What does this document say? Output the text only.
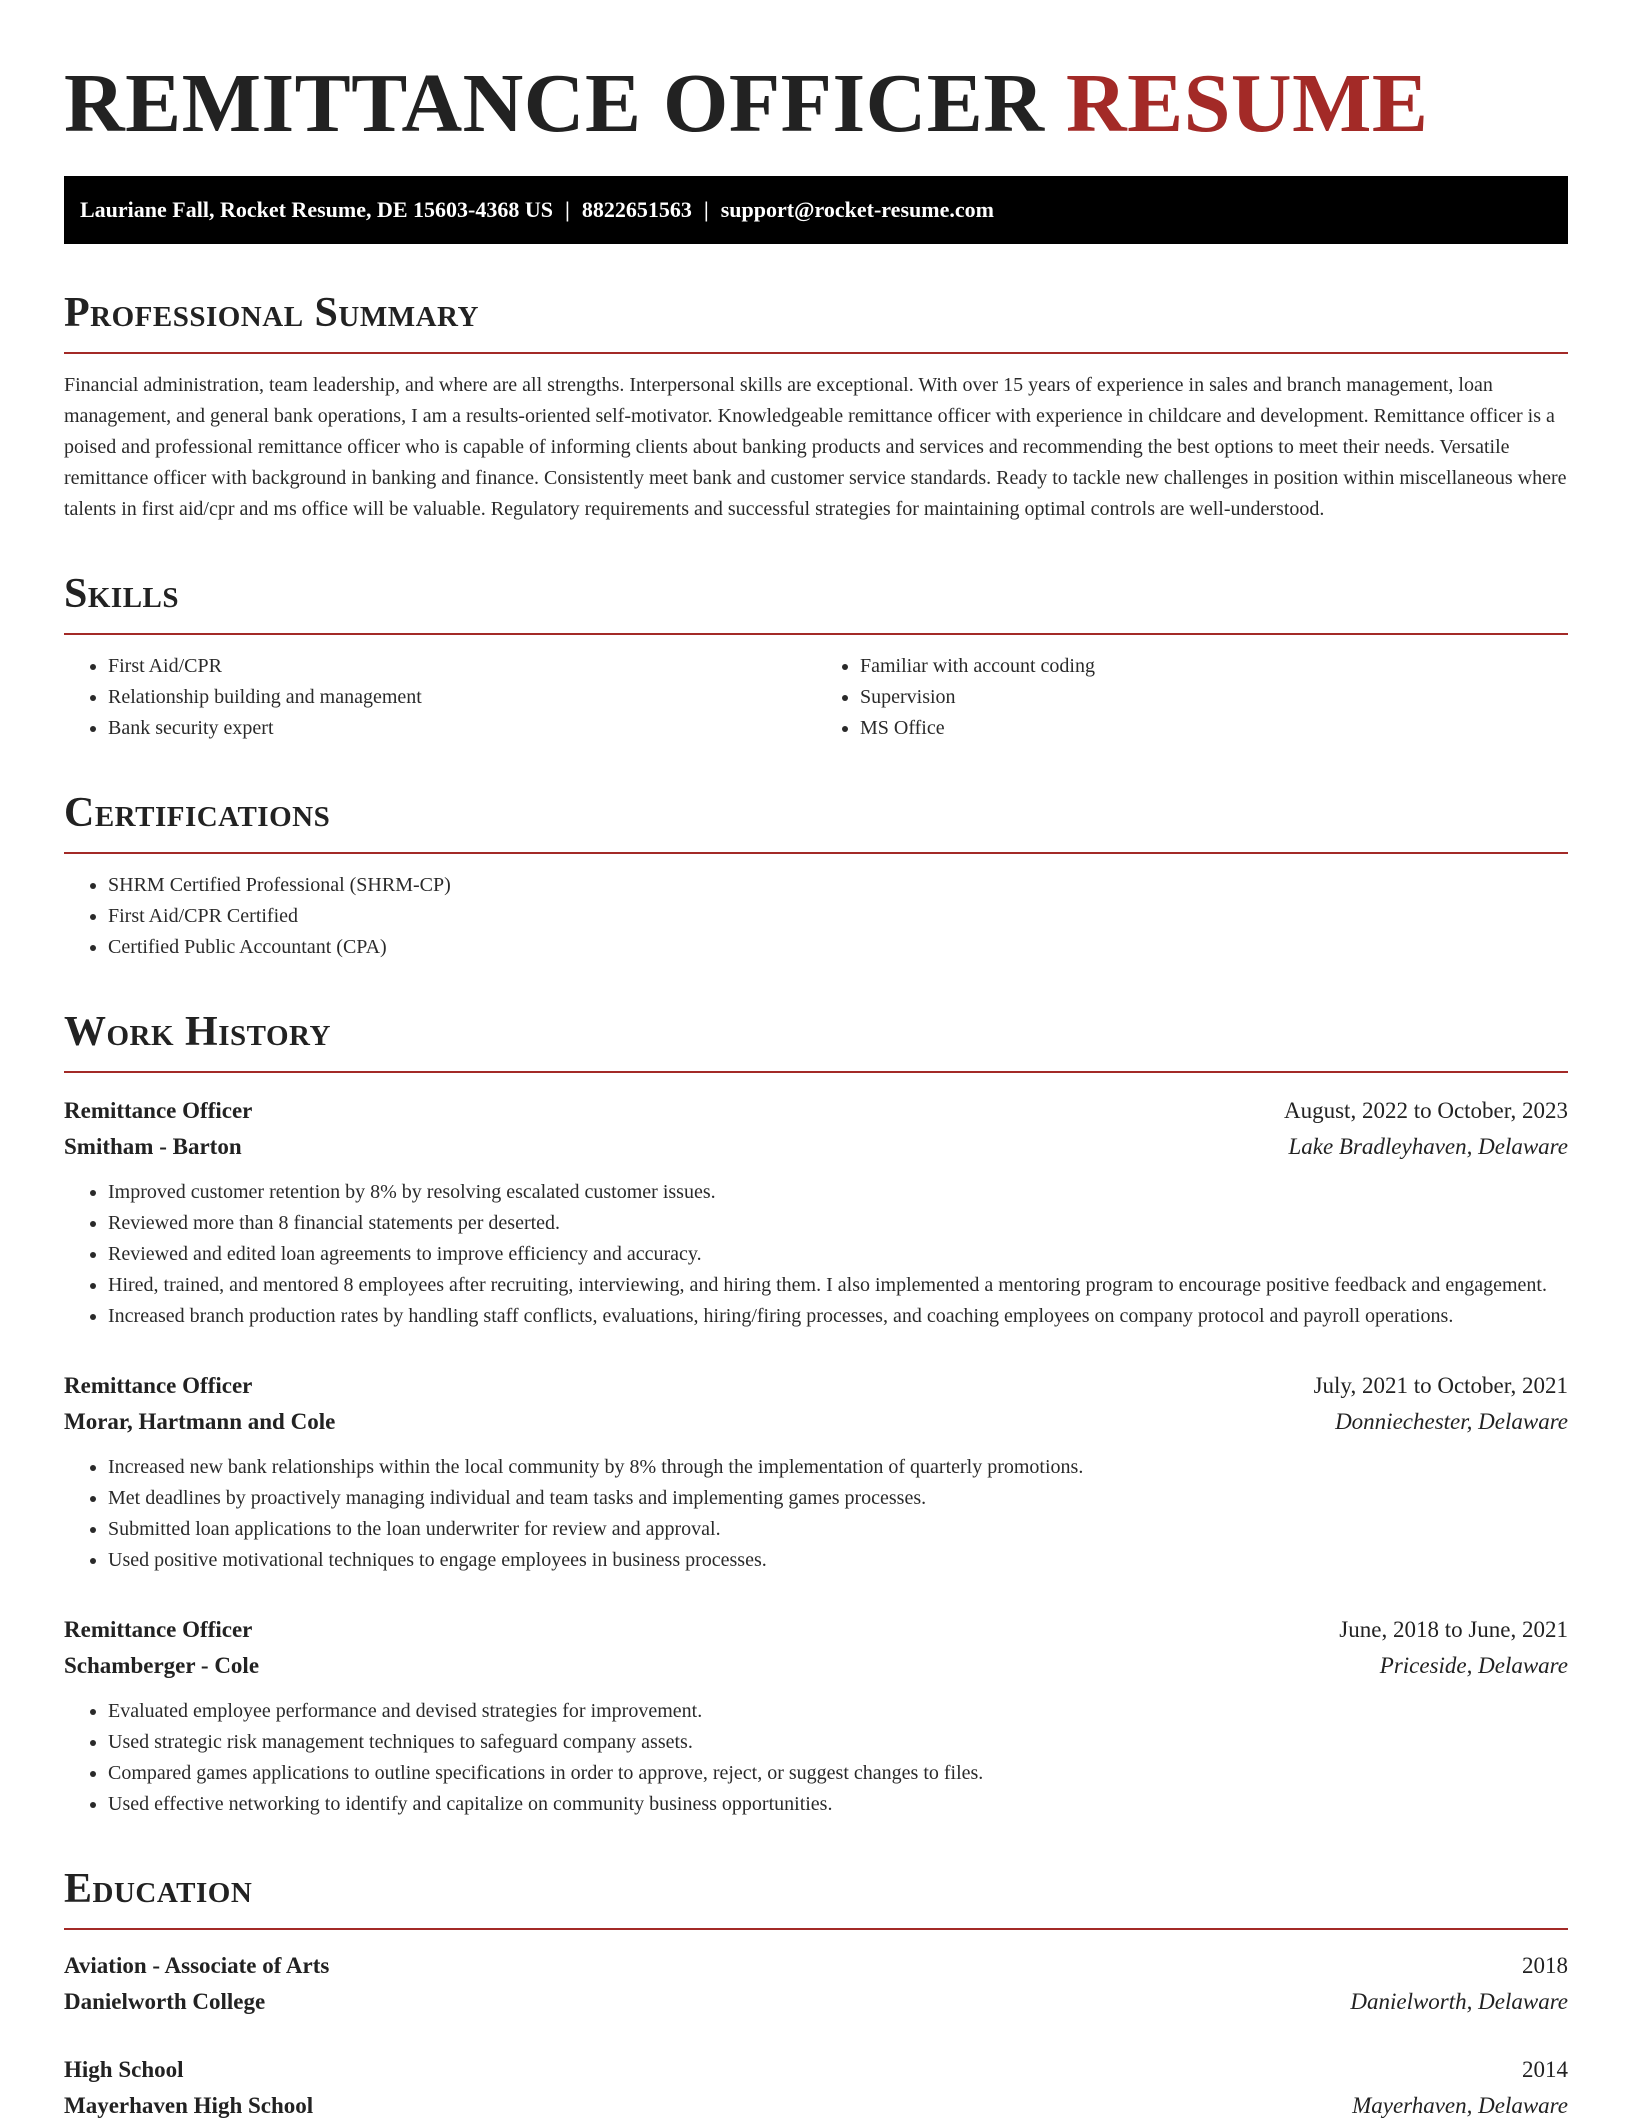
REMITTANCE OFFICER RESUME
Lauriane Fall, Rocket Resume, DE 15603-4368 US | 8822651563 | support@rocket-resume.com
Professional Summary

Financial administration, team leadership, and where are all strengths. Interpersonal skills are exceptional. With over 15 years of experience in sales and branch management, loan management, and general bank operations, I am a results-oriented self-motivator. Knowledgeable remittance officer with experience in childcare and development. Remittance officer is a poised and professional remittance officer who is capable of informing clients about banking products and services and recommending the best options to meet their needs. Versatile remittance officer with background in banking and finance. Consistently meet bank and customer service standards. Ready to tackle new challenges in position within miscellaneous where talents in first aid/cpr and ms office will be valuable. Regulatory requirements and successful strategies for maintaining optimal controls are well-understood.

Skills
• First Aid/CPR
• Relationship building and management
• Bank security expert
• Familiar with account coding
• Supervision
• MS Office
Certifications
• SHRM Certified Professional (SHRM-CP)
• First Aid/CPR Certified
• Certified Public Accountant (CPA)
Work History
Remittance Officer	August, 2022 to October, 2023
Smitham - Barton	Lake Bradleyhaven, Delaware
• Improved customer retention by 8% by resolving escalated customer issues.
• Reviewed more than 8 financial statements per deserted.
• Reviewed and edited loan agreements to improve efficiency and accuracy.
• Hired, trained, and mentored 8 employees after recruiting, interviewing, and hiring them. I also implemented a mentoring program to encourage positive feedback and engagement.
• Increased branch production rates by handling staff conflicts, evaluations, hiring/firing processes, and coaching employees on company protocol and payroll operations.
Remittance Officer	July, 2021 to October, 2021
Morar, Hartmann and Cole	Donniechester, Delaware
• Increased new bank relationships within the local community by 8% through the implementation of quarterly promotions.
• Met deadlines by proactively managing individual and team tasks and implementing games processes.
• Submitted loan applications to the loan underwriter for review and approval.
• Used positive motivational techniques to engage employees in business processes.
Remittance Officer	June, 2018 to June, 2021
Schamberger - Cole	Priceside, Delaware
• Evaluated employee performance and devised strategies for improvement.
• Used strategic risk management techniques to safeguard company assets.
• Compared games applications to outline specifications in order to approve, reject, or suggest changes to files.
• Used effective networking to identify and capitalize on community business opportunities.
Education
Aviation - Associate of Arts	2018
Danielworth College	Danielworth, Delaware
High School	2014
Mayerhaven High School	Mayerhaven, Delaware
